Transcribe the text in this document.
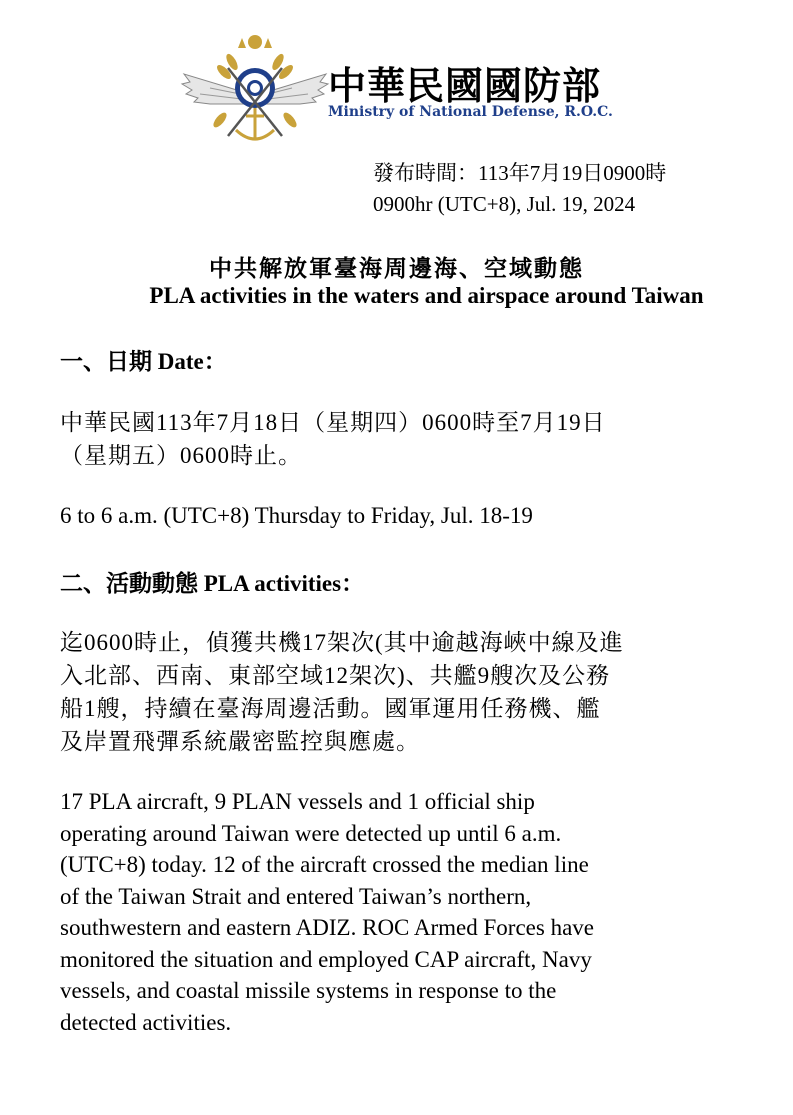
中華民國國防部
Ministry of National Defense, R.O.C.
發布時間：113年7月19日0900時
0900hr (UTC+8), Jul. 19, 2024
中共解放軍臺海周邊海、空域動態
PLA activities in the waters and airspace around Taiwan
一、日期 Date：
中華民國113年7月18日（星期四）0600時至7月19日
（星期五）0600時止。
6 to 6 a.m. (UTC+8) Thursday to Friday, Jul. 18-19
二、活動動態 PLA activities：
迄0600時止，偵獲共機17架次(其中逾越海峽中線及進
入北部、西南、東部空域12架次)、共艦9艘次及公務
船1艘，持續在臺海周邊活動。國軍運用任務機、艦
及岸置飛彈系統嚴密監控與應處。
17 PLA aircraft, 9 PLAN vessels and 1 official ship
operating around Taiwan were detected up until 6 a.m.
(UTC+8) today. 12 of the aircraft crossed the median line
of the Taiwan Strait and entered Taiwan’s northern,
southwestern and eastern ADIZ. ROC Armed Forces have
monitored the situation and employed CAP aircraft, Navy
vessels, and coastal missile systems in response to the
detected activities.
